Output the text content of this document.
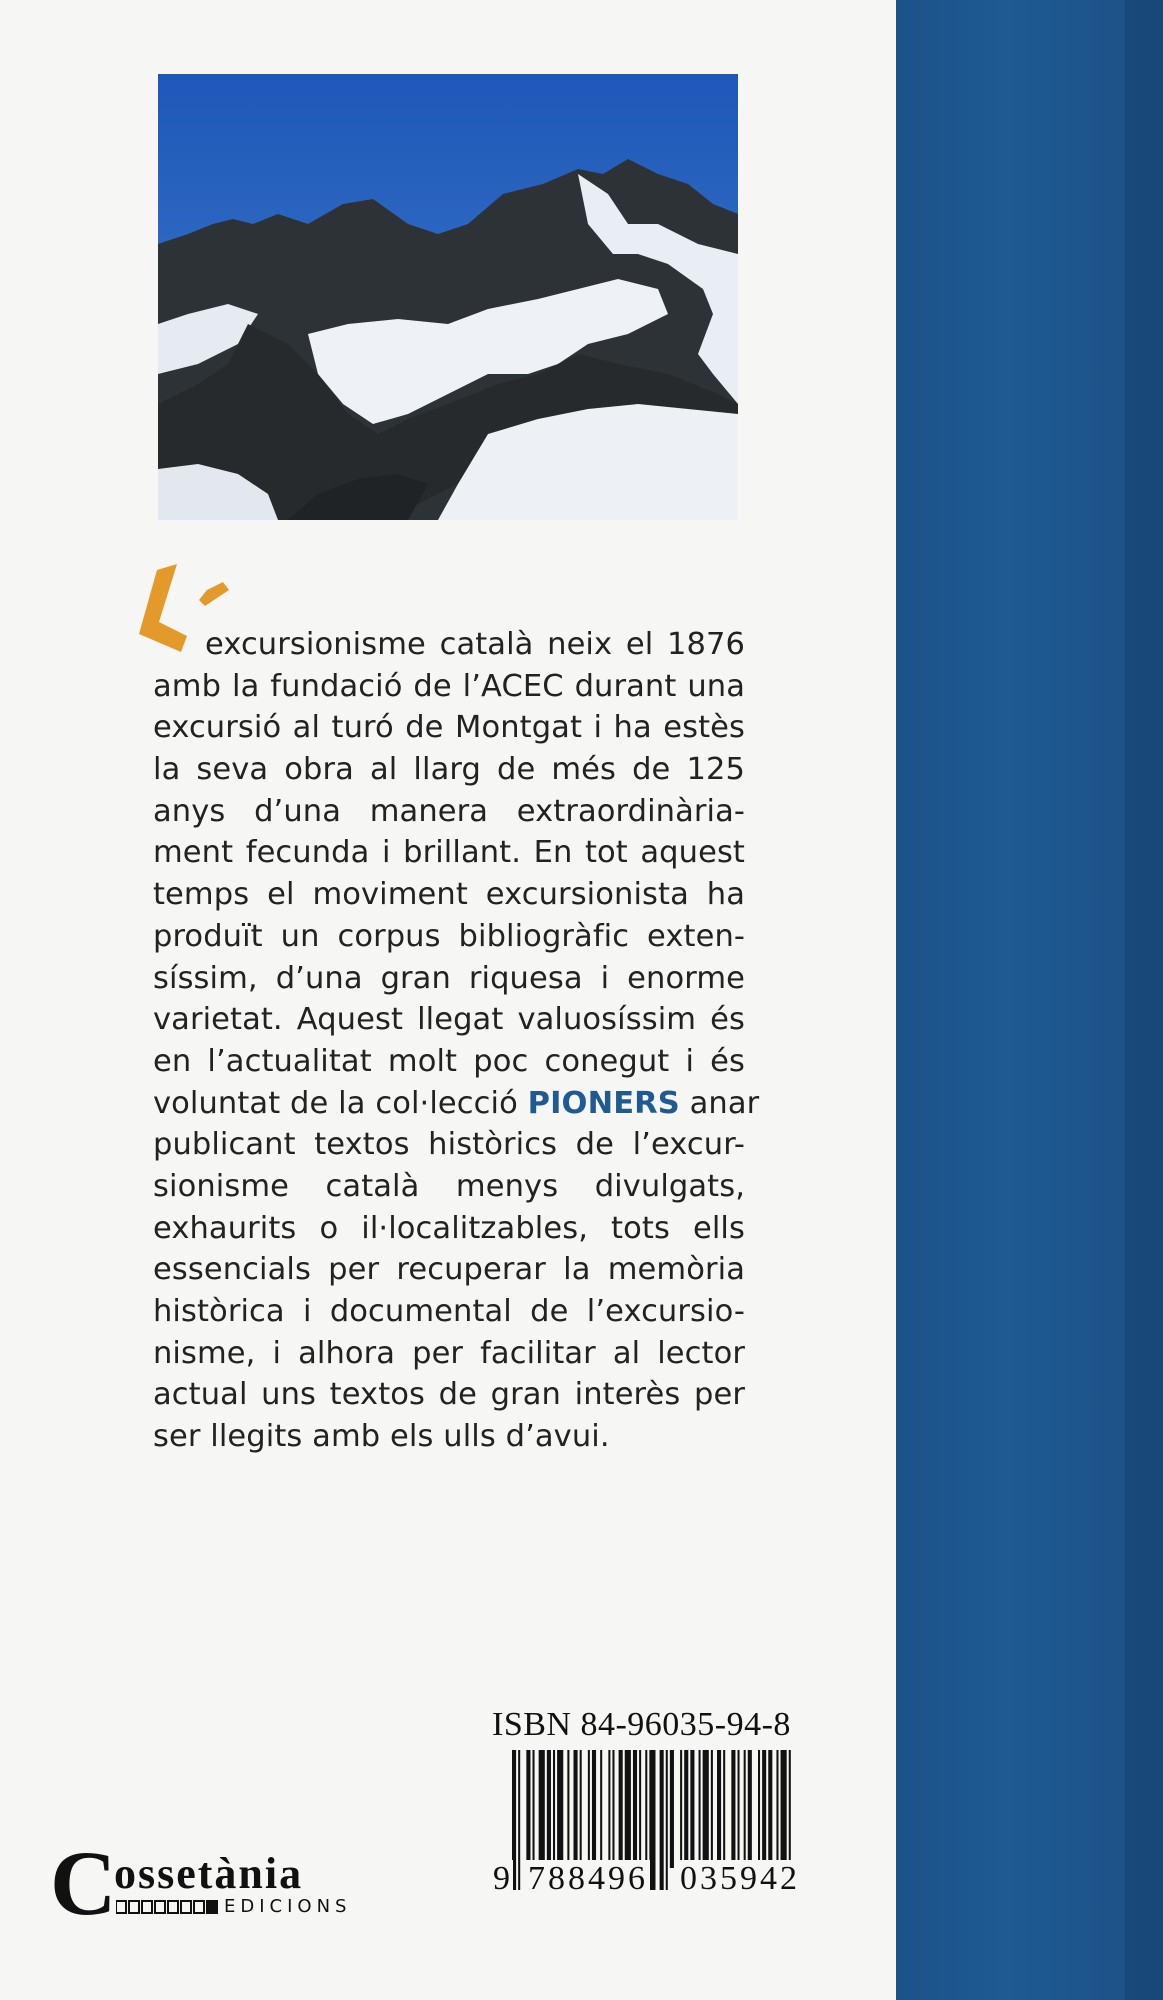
excursionisme català neix el 1876
amb la fundació de l’ACEC durant una
excursió al turó de Montgat i ha estès
la seva obra al llarg de més de 125
anys d’una manera extraordinària-
ment fecunda i brillant. En tot aquest
temps el moviment excursionista ha
produït un corpus bibliogràfic exten-
síssim, d’una gran riquesa i enorme
varietat. Aquest llegat valuosíssim és
en l’actualitat molt poc conegut i és
voluntat de la col·lecció PIONERS anar
publicant textos històrics de l’excur-
sionisme català menys divulgats,
exhaurits o il·localitzables, tots ells
essencials per recuperar la memòria
històrica i documental de l’excursio-
nisme, i alhora per facilitar al lector
actual uns textos de gran interès per
ser llegits amb els ulls d’avui.
ISBN 84-96035-94-8
9 788496 035942
C
ossetània
EDICIONS
